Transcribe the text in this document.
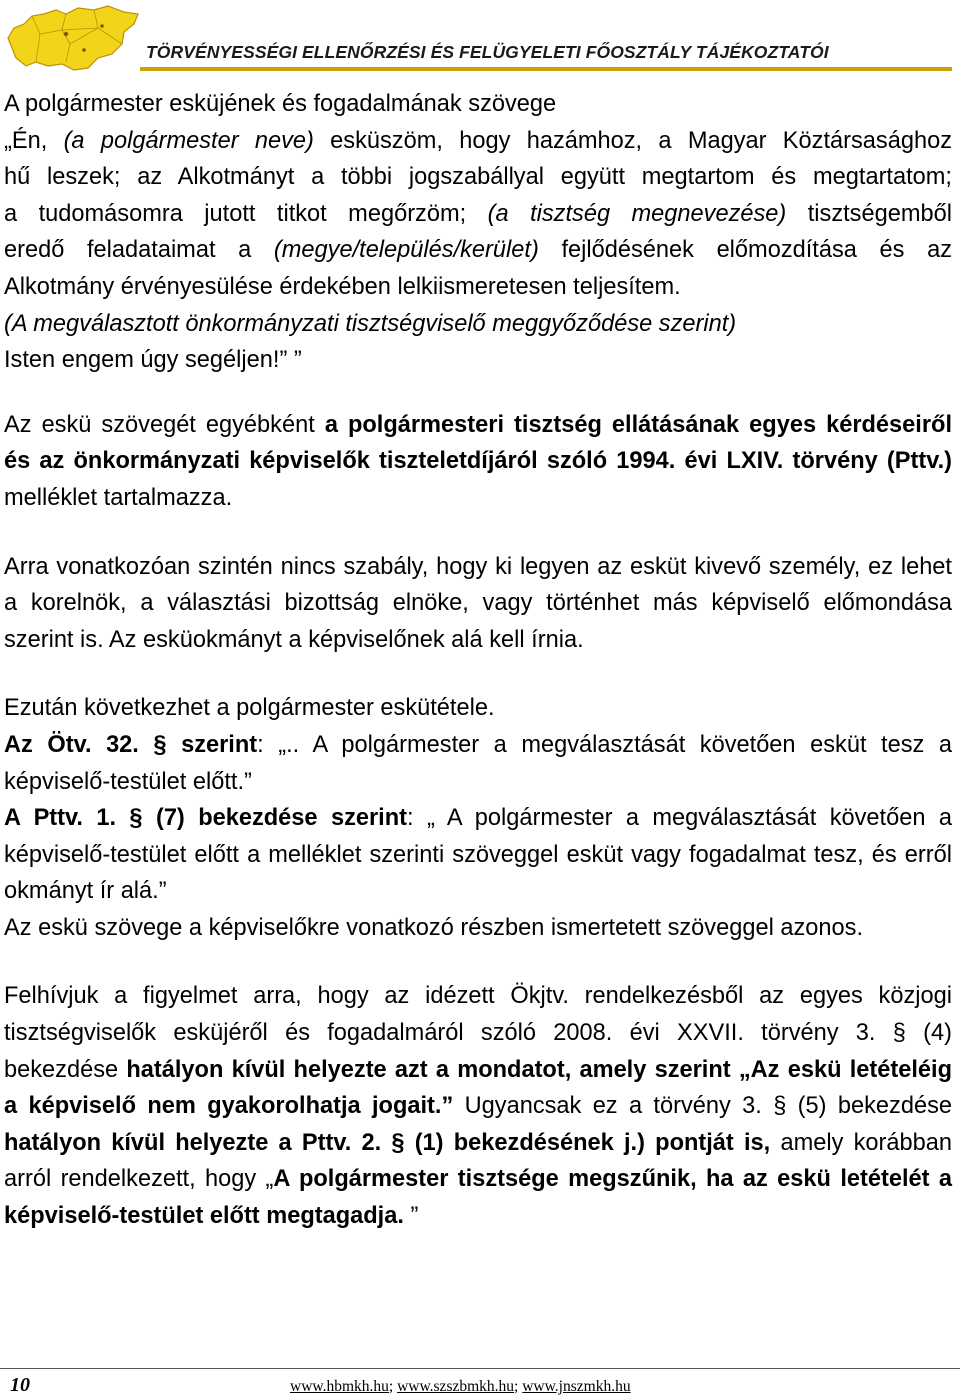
TÖRVÉNYESSÉGI ELLENŐRZÉSI ÉS FELÜGYELETI FŐOSZTÁLY TÁJÉKOZTATÓI

A polgármester esküjének és fogadalmának szövege

„Én, (a polgármester neve) esküszöm, hogy hazámhoz, a Magyar Köztársasághoz

hű leszek; az Alkotmányt a többi jogszabállyal együtt megtartom és megtartatom;

a tudomásomra jutott titkot megőrzöm; (a tisztség megnevezése) tisztségemből

eredő feladataimat a (megye/település/kerület) fejlődésének előmozdítása és az

Alkotmány érvényesülése érdekében lelkiismeretesen teljesítem.

(A megválasztott önkormányzati tisztségviselő meggyőződése szerint)

Isten engem úgy segéljen!” ”

Az eskü szövegét egyébként a polgármesteri tisztség ellátásának egyes kérdéseiről és az önkormányzati képviselők tiszteletdíjáról szóló 1994. évi LXIV. törvény (Pttv.) melléklet tartalmazza.

Arra vonatkozóan szintén nincs szabály, hogy ki legyen az esküt kivevő személy, ez lehet a korelnök, a választási bizottság elnöke, vagy történhet más képviselő előmondása szerint is. Az esküokmányt a képviselőnek alá kell írnia.

Ezután következhet a polgármester eskütétele.

Az Ötv. 32. § szerint: „.. A polgármester a megválasztását követően esküt tesz a képviselő-testület előtt.”

A Pttv. 1. § (7) bekezdése szerint: „ A polgármester a megválasztását követően a képviselő-testület előtt a melléklet szerinti szöveggel esküt vagy fogadalmat tesz, és erről okmányt ír alá.”

Az eskü szövege a képviselőkre vonatkozó részben ismertetett szöveggel azonos.

Felhívjuk a figyelmet arra, hogy az idézett Ökjtv. rendelkezésből az egyes közjogi tisztségviselők esküjéről és fogadalmáról szóló 2008. évi XXVII. törvény 3. § (4) bekezdése hatályon kívül helyezte azt a mondatot, amely szerint „Az eskü letételéig a képviselő nem gyakorolhatja jogait.” Ugyancsak ez a törvény 3. § (5) bekezdése hatályon kívül helyezte a Pttv. 2. § (1) bekezdésének j.) pontját is, amely korábban arról rendelkezett, hogy „A polgármester tisztsége megszűnik, ha az eskü letételét a képviselő-testület előtt megtagadja. ”

10	www.hbmkh.hu; www.szszbmkh.hu; www.jnszmkh.hu
